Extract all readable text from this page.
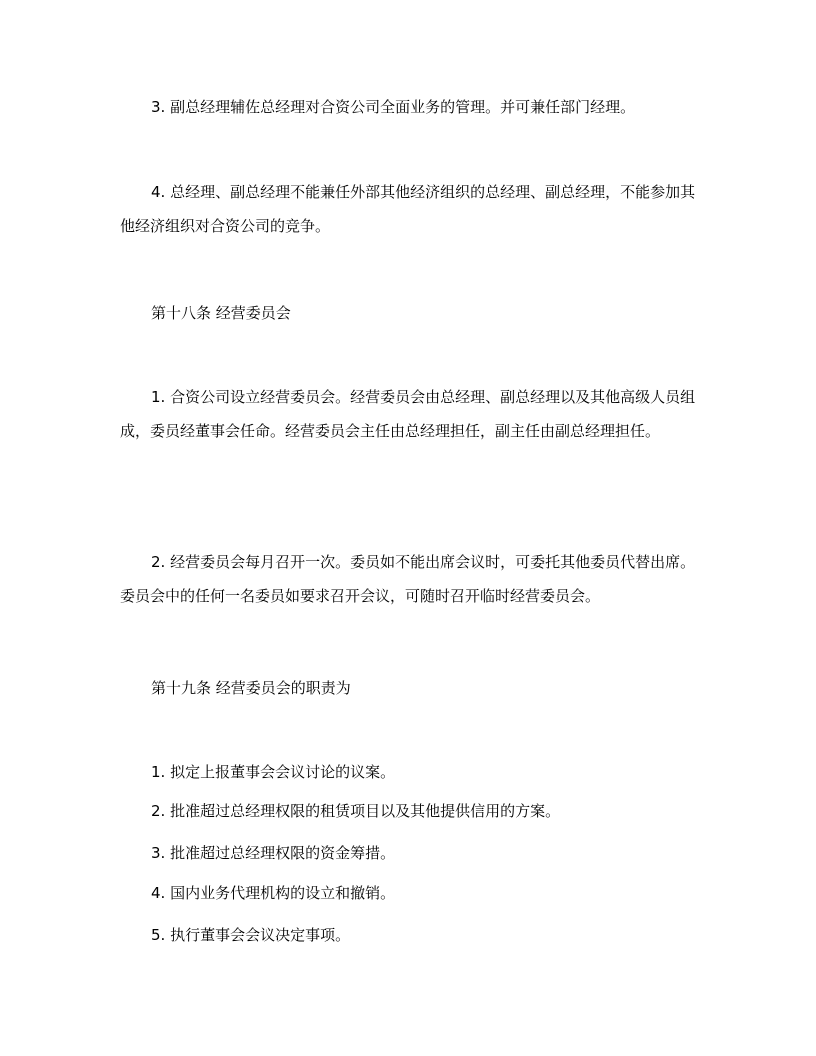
3. 副总经理辅佐总经理对合资公司全面业务的管理。并可兼任部门经理。

4. 总经理、副总经理不能兼任外部其他经济组织的总经理、副总经理，不能参加其他经济组织对合资公司的竞争。

第十八条 经营委员会

1. 合资公司设立经营委员会。经营委员会由总经理、副总经理以及其他高级人员组成，委员经董事会任命。经营委员会主任由总经理担任，副主任由副总经理担任。

2. 经营委员会每月召开一次。委员如不能出席会议时，可委托其他委员代替出席。委员会中的任何一名委员如要求召开会议，可随时召开临时经营委员会。

第十九条 经营委员会的职责为

1. 拟定上报董事会会议讨论的议案。

2. 批准超过总经理权限的租赁项目以及其他提供信用的方案。

3. 批准超过总经理权限的资金筹措。

4. 国内业务代理机构的设立和撤销。

5. 执行董事会会议决定事项。
